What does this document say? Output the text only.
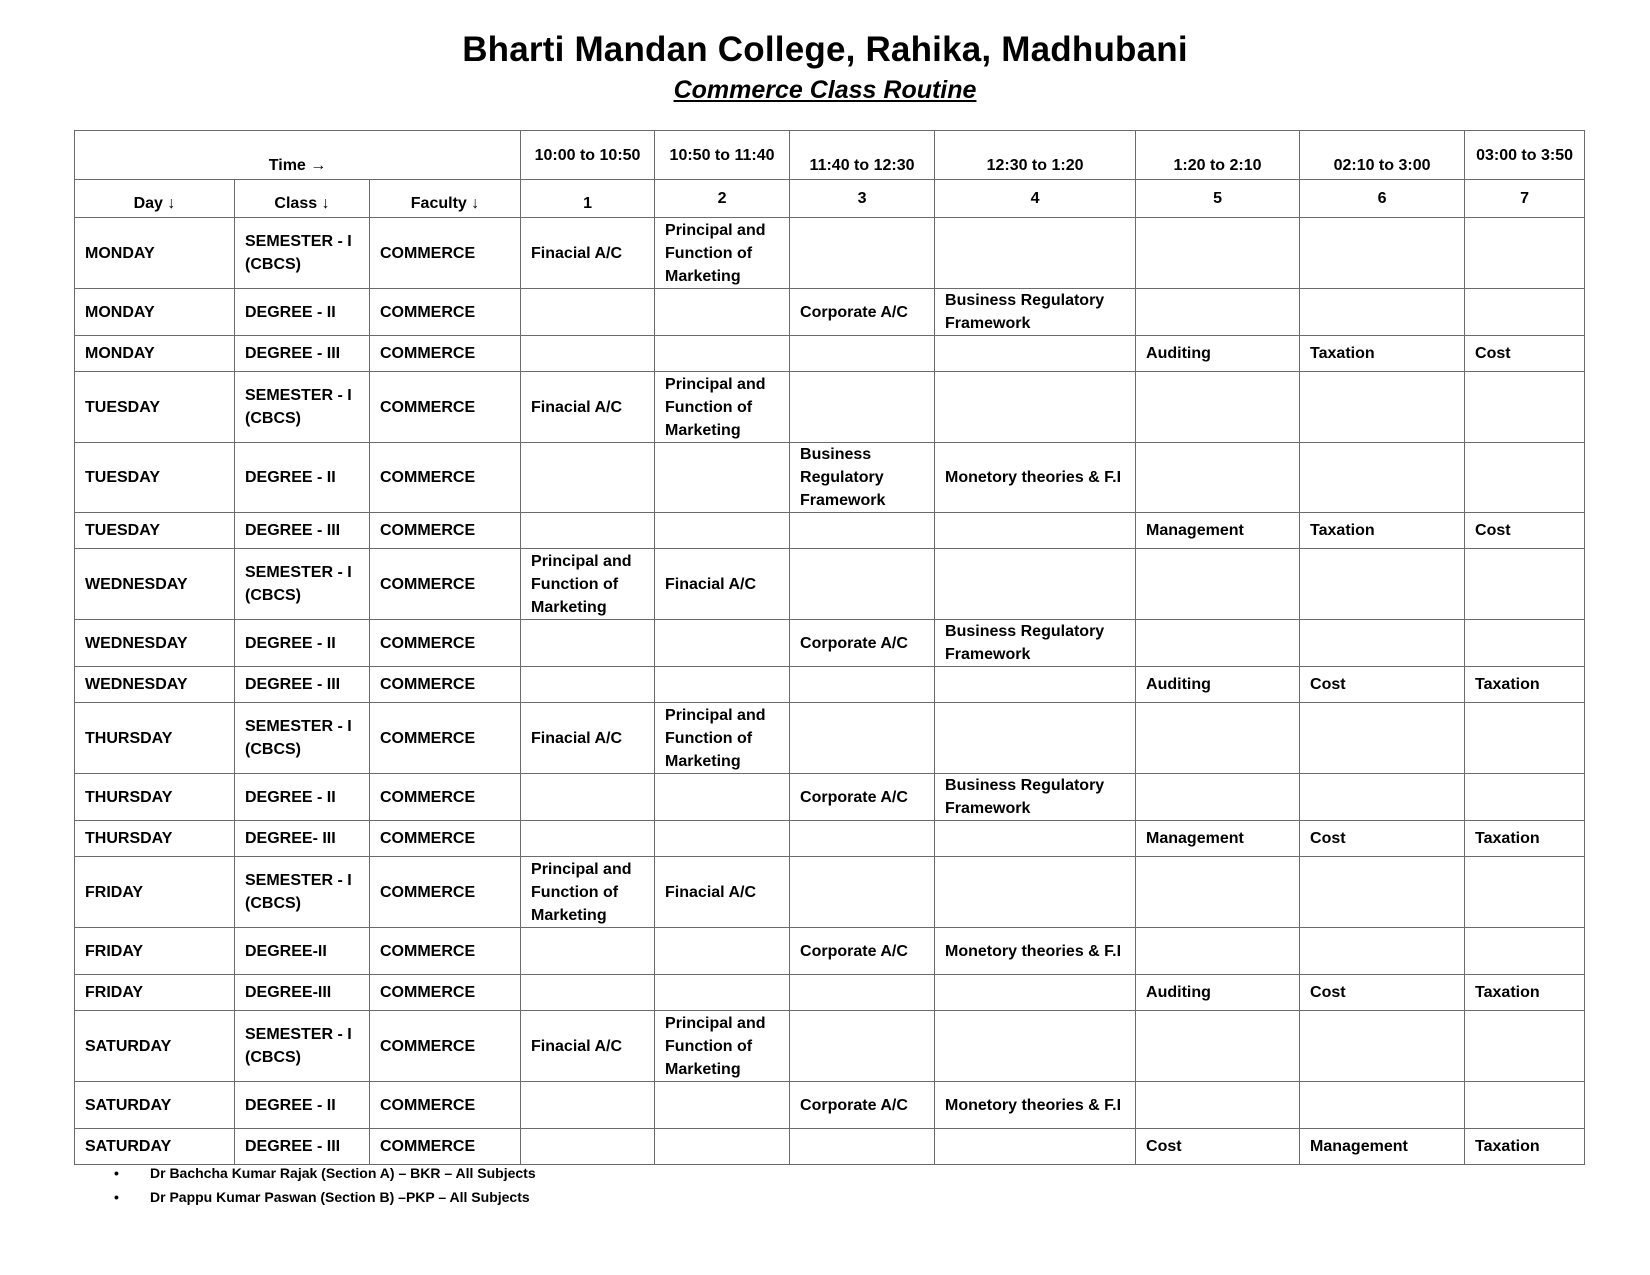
Bharti Mandan College, Rahika, Madhubani
Commerce Class Routine
Time →			10:00 to 10:50	10:50 to 11:40	11:40 to 12:30	12:30 to 1:20	1:20 to 2:10	02:10 to 3:00	03:00 to 3:50
Day ↓	Class ↓	Faculty ↓	1	2	3	4	5	6	7
MONDAY	SEMESTER - I (CBCS)	COMMERCE	Finacial A/C	Principal and Function of Marketing					
MONDAY	DEGREE - II	COMMERCE			Corporate A/C	Business Regulatory Framework			
MONDAY	DEGREE - III	COMMERCE					Auditing	Taxation	Cost
TUESDAY	SEMESTER - I (CBCS)	COMMERCE	Finacial A/C	Principal and Function of Marketing					
TUESDAY	DEGREE - II	COMMERCE			Business Regulatory Framework	Monetory theories & F.I			
TUESDAY	DEGREE - III	COMMERCE					Management	Taxation	Cost
WEDNESDAY	SEMESTER - I (CBCS)	COMMERCE	Principal and Function of Marketing	Finacial A/C					
WEDNESDAY	DEGREE - II	COMMERCE			Corporate A/C	Business Regulatory Framework			
WEDNESDAY	DEGREE - III	COMMERCE					Auditing	Cost	Taxation
THURSDAY	SEMESTER - I (CBCS)	COMMERCE	Finacial A/C	Principal and Function of Marketing					
THURSDAY	DEGREE - II	COMMERCE			Corporate A/C	Business Regulatory Framework			
THURSDAY	DEGREE- III	COMMERCE					Management	Cost	Taxation
FRIDAY	SEMESTER - I (CBCS)	COMMERCE	Principal and Function of Marketing	Finacial A/C					
FRIDAY	DEGREE-II	COMMERCE			Corporate A/C	Monetory theories & F.I			
FRIDAY	DEGREE-III	COMMERCE					Auditing	Cost	Taxation
SATURDAY	SEMESTER - I (CBCS)	COMMERCE	Finacial A/C	Principal and Function of Marketing					
SATURDAY	DEGREE - II	COMMERCE			Corporate A/C	Monetory theories & F.I			
SATURDAY	DEGREE - III	COMMERCE					Cost	Management	Taxation
• Dr Bachcha Kumar Rajak (Section A) – BKR – All Subjects
• Dr Pappu Kumar Paswan (Section B) –PKP – All Subjects
